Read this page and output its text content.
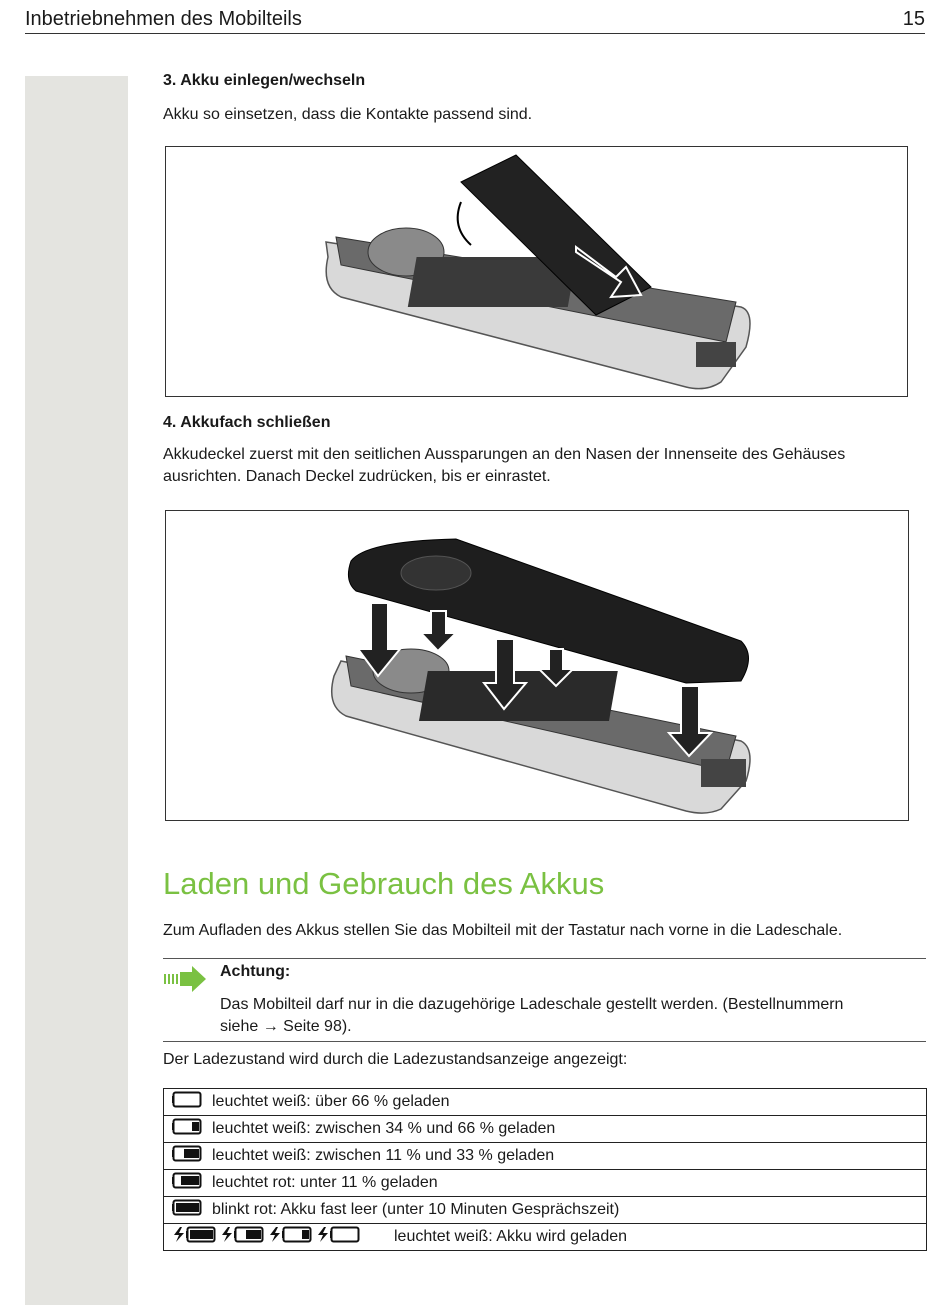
Inbetriebnehmen des Mobilteils	15
3. Akku einlegen/wechseln
Akku so einsetzen, dass die Kontakte passend sind.
4. Akkufach schließen
Akkudeckel zuerst mit den seitlichen Aussparungen an den Nasen der Innenseite des Gehäuses
ausrichten. Danach Deckel zudrücken, bis er einrastet.
Laden und Gebrauch des Akkus
Zum Aufladen des Akkus stellen Sie das Mobilteil mit der Tastatur nach vorne in die Ladeschale.
Achtung:
Das Mobilteil darf nur in die dazugehörige Ladeschale gestellt werden. (Bestellnummern
siehe → Seite 98).
Der Ladezustand wird durch die Ladezustandsanzeige angezeigt:
leuchtet weiß: über 66 % geladen
leuchtet weiß: zwischen 34 % und 66 % geladen
leuchtet weiß: zwischen 11 % und 33 % geladen
leuchtet rot: unter 11 % geladen
blinkt rot: Akku fast leer (unter 10 Minuten Gesprächszeit)
leuchtet weiß: Akku wird geladen
